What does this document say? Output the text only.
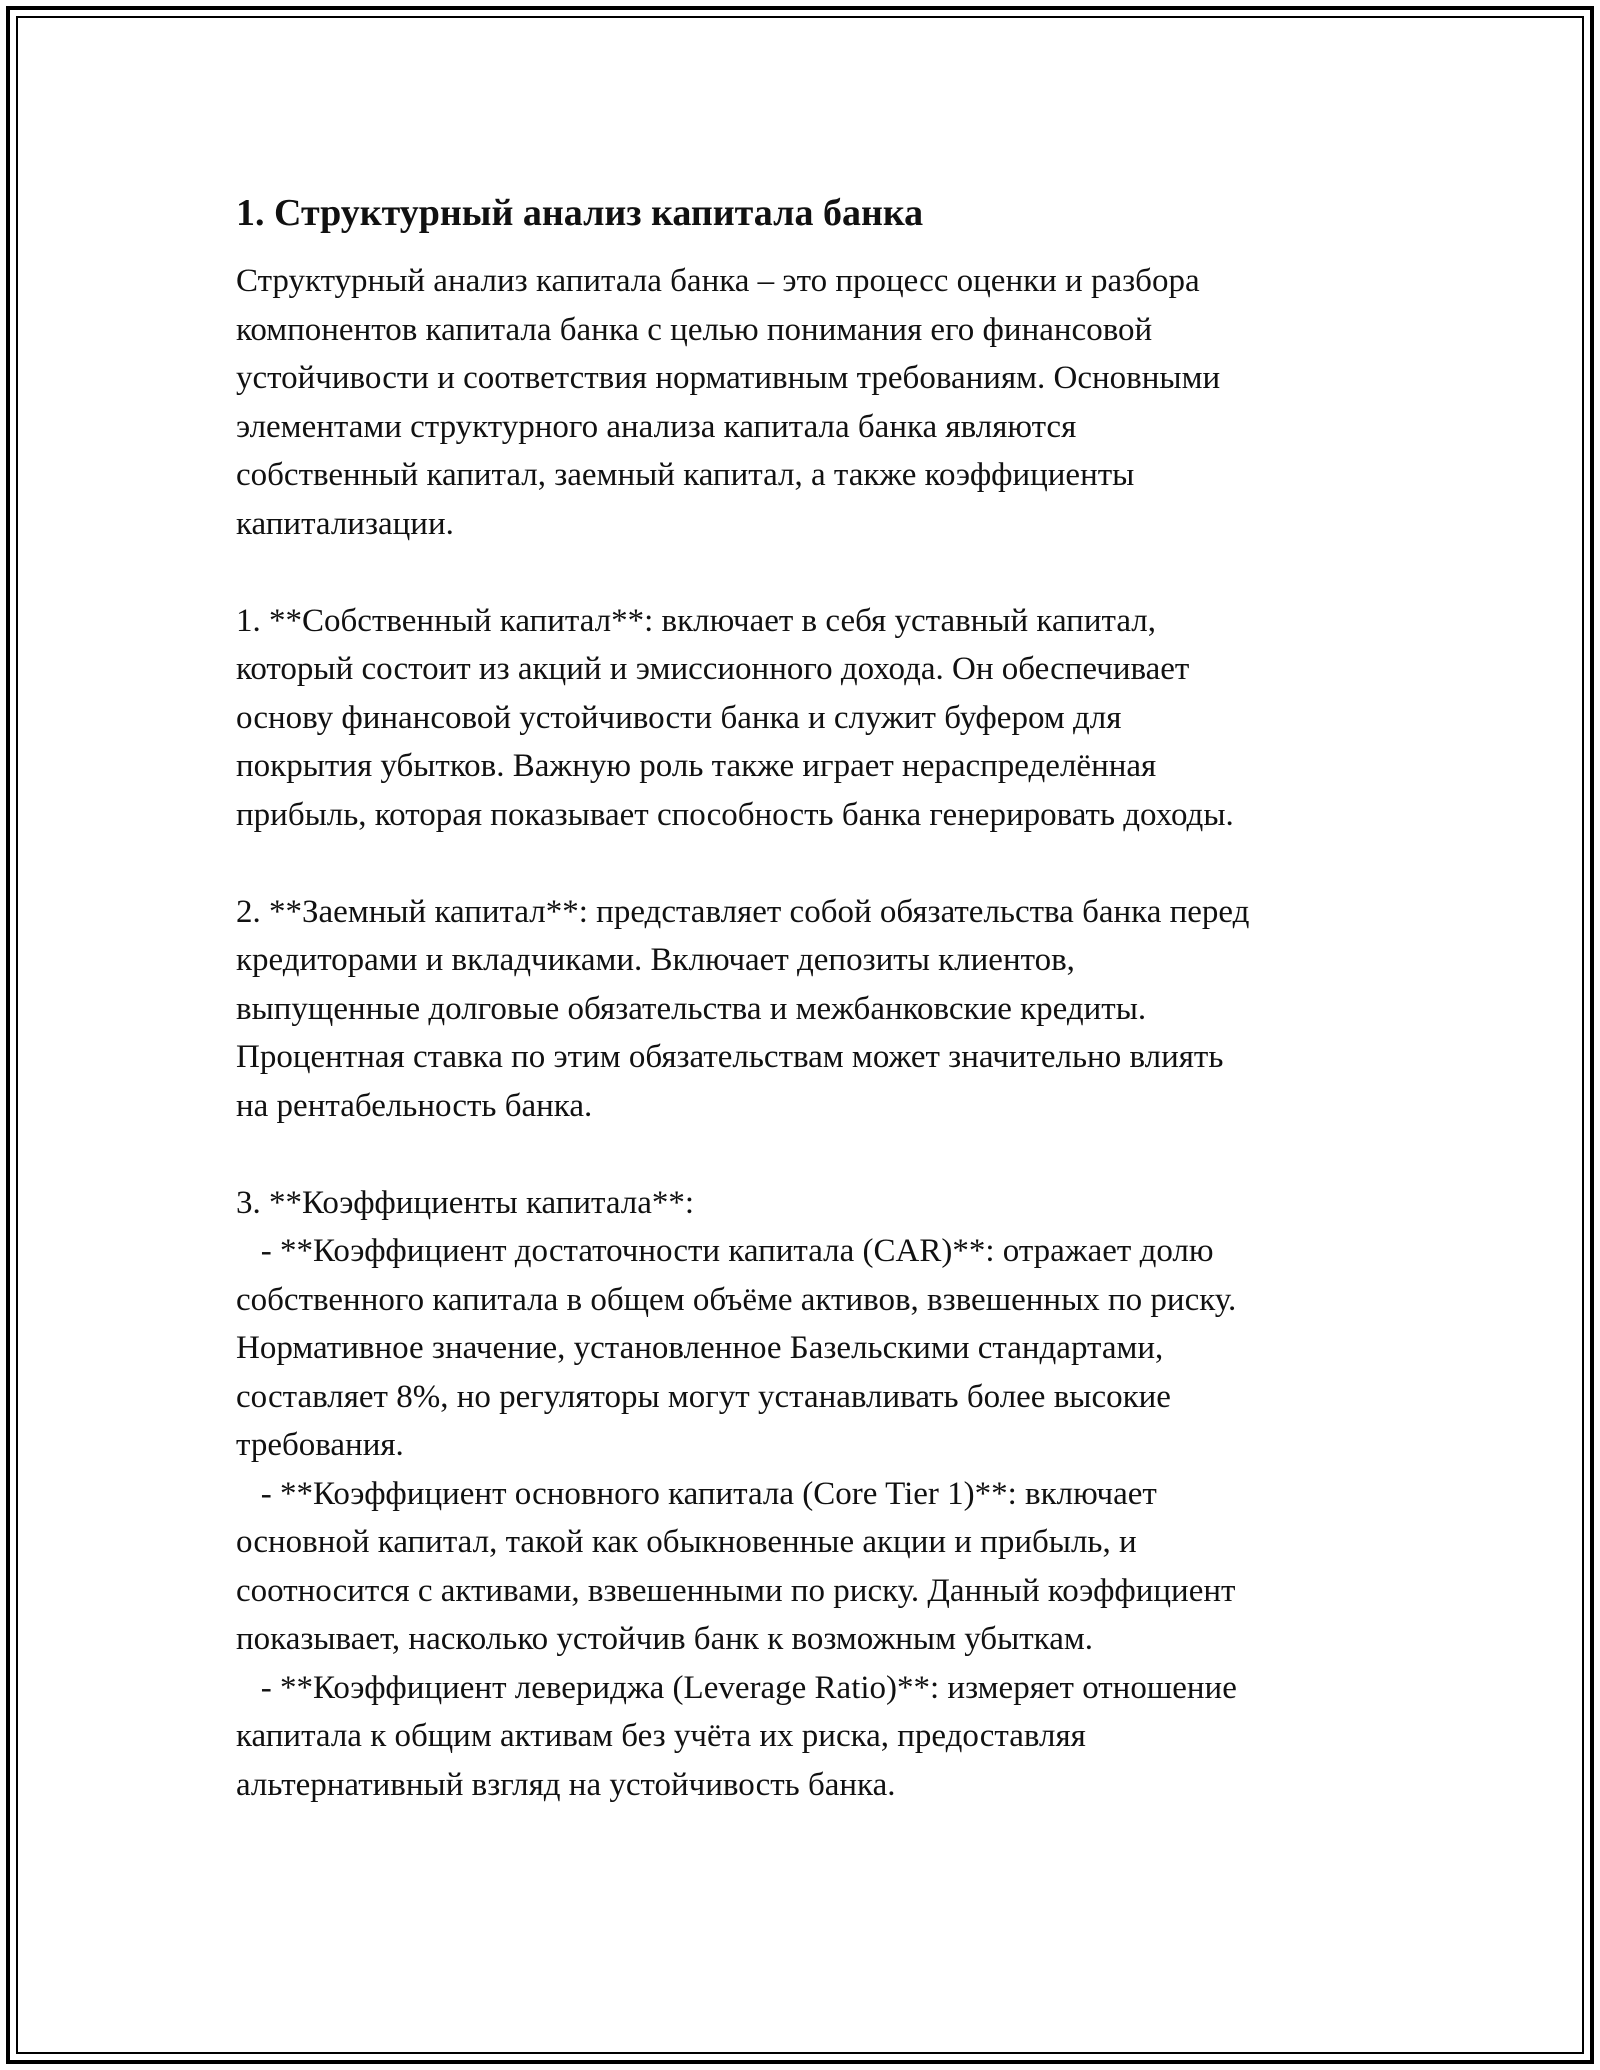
1. Структурный анализ капитала банка
Структурный анализ капитала банка – это процесс оценки и разбора
компонентов капитала банка с целью понимания его финансовой
устойчивости и соответствия нормативным требованиям. Основными
элементами структурного анализа капитала банка являются
собственный капитал, заемный капитал, а также коэффициенты
капитализации.
1. **Собственный капитал**: включает в себя уставный капитал,
который состоит из акций и эмиссионного дохода. Он обеспечивает
основу финансовой устойчивости банка и служит буфером для
покрытия убытков. Важную роль также играет нераспределённая
прибыль, которая показывает способность банка генерировать доходы.
2. **Заемный капитал**: представляет собой обязательства банка перед
кредиторами и вкладчиками. Включает депозиты клиентов,
выпущенные долговые обязательства и межбанковские кредиты.
Процентная ставка по этим обязательствам может значительно влиять
на рентабельность банка.
3. **Коэффициенты капитала**:
- **Коэффициент достаточности капитала (CAR)**: отражает долю
собственного капитала в общем объёме активов, взвешенных по риску.
Нормативное значение, установленное Базельскими стандартами,
составляет 8%, но регуляторы могут устанавливать более высокие
требования.
- **Коэффициент основного капитала (Core Tier 1)**: включает
основной капитал, такой как обыкновенные акции и прибыль, и
соотносится с активами, взвешенными по риску. Данный коэффициент
показывает, насколько устойчив банк к возможным убыткам.
- **Коэффициент левериджа (Leverage Ratio)**: измеряет отношение
капитала к общим активам без учёта их риска, предоставляя
альтернативный взгляд на устойчивость банка.
